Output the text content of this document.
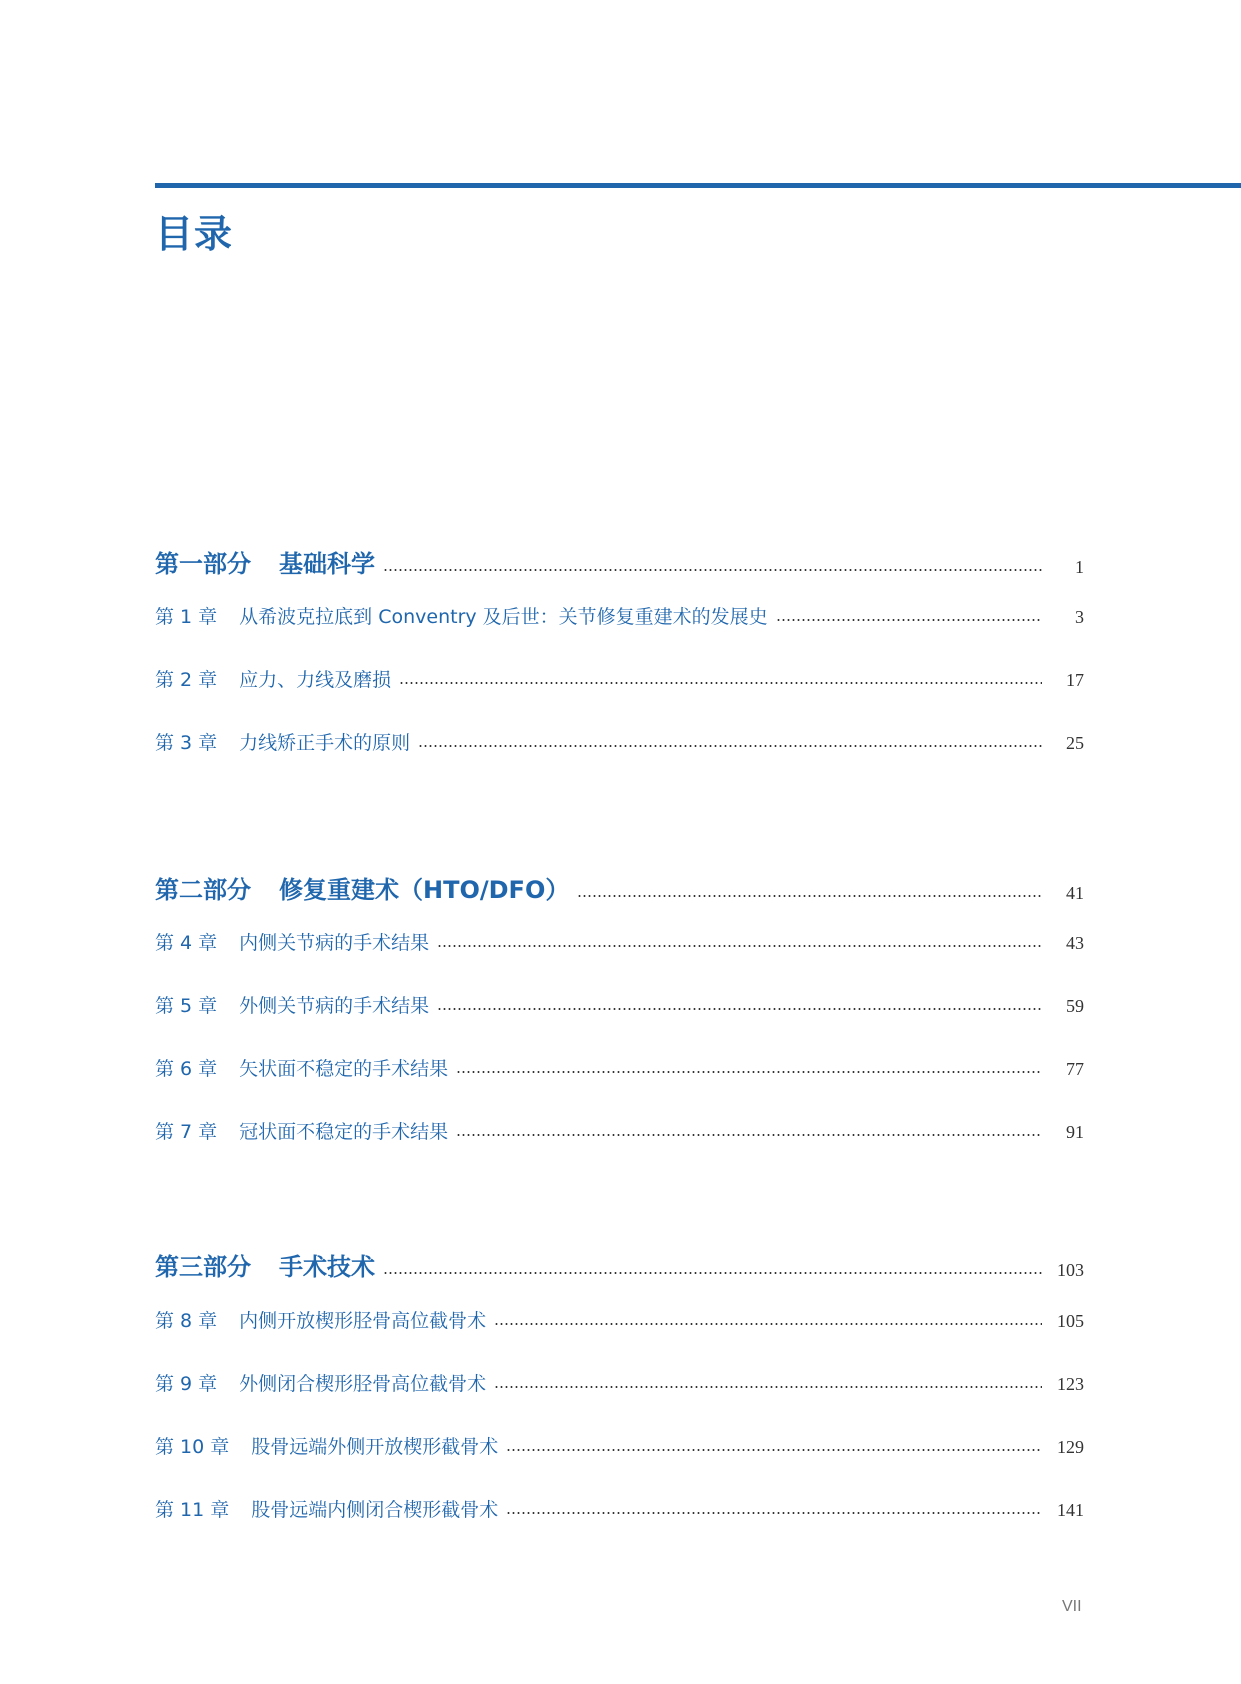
目录
第一部分 基础科学	1
第 1 章 从希波克拉底到 Conventry 及后世：关节修复重建术的发展史	3
第 2 章 应力、力线及磨损	17
第 3 章 力线矫正手术的原则	25
第二部分 修复重建术（HTO/DFO）	41
第 4 章 内侧关节病的手术结果	43
第 5 章 外侧关节病的手术结果	59
第 6 章 矢状面不稳定的手术结果	77
第 7 章 冠状面不稳定的手术结果	91
第三部分 手术技术	103
第 8 章 内侧开放楔形胫骨高位截骨术	105
第 9 章 外侧闭合楔形胫骨高位截骨术	123
第 10 章 股骨远端外侧开放楔形截骨术	129
第 11 章 股骨远端内侧闭合楔形截骨术	141
VII
